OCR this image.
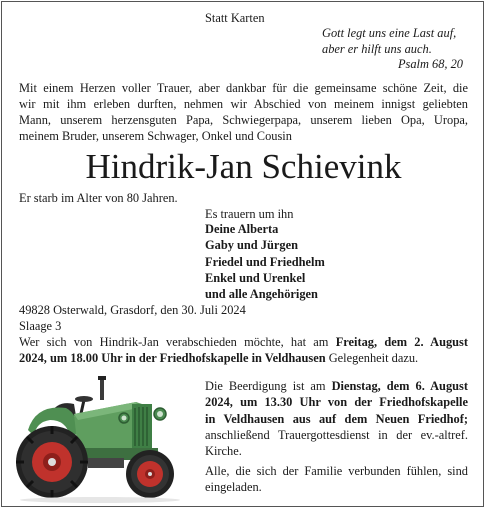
Statt Karten
Gott legt uns eine Last auf,
aber er hilft uns auch.
Psalm 68, 20
Mit einem Herzen voller Trauer, aber dankbar für die gemeinsame schöne Zeit, die
wir mit ihm erleben durften, nehmen wir Abschied von meinem innigst geliebten
Mann, unserem herzensguten Papa, Schwiegerpapa, unserem lieben Opa, Uropa,
meinem Bruder, unserem Schwager, Onkel und Cousin
Hindrik-Jan Schievink
Er starb im Alter von 80 Jahren.
Es trauern um ihn
Deine Alberta
Gaby und Jürgen
Friedel und Friedhelm
Enkel und Urenkel
und alle Angehörigen
49828 Osterwald, Grasdorf, den 30. Juli 2024
Slaage 3
Wer sich von Hindrik-Jan verabschieden möchte, hat am Freitag, dem 2. August
2024, um 18.00 Uhr in der Friedhofskapelle in Veldhausen Gelegenheit dazu.
Die Beerdigung ist am Dienstag, dem 6. August
2024, um 13.30 Uhr von der Friedhofskapelle
in Veldhausen aus auf dem Neuen Friedhof;
anschließend Trauergottesdienst in der ev.-altref.
Kirche.
Alle, die sich der Familie verbunden fühlen, sind
eingeladen.
